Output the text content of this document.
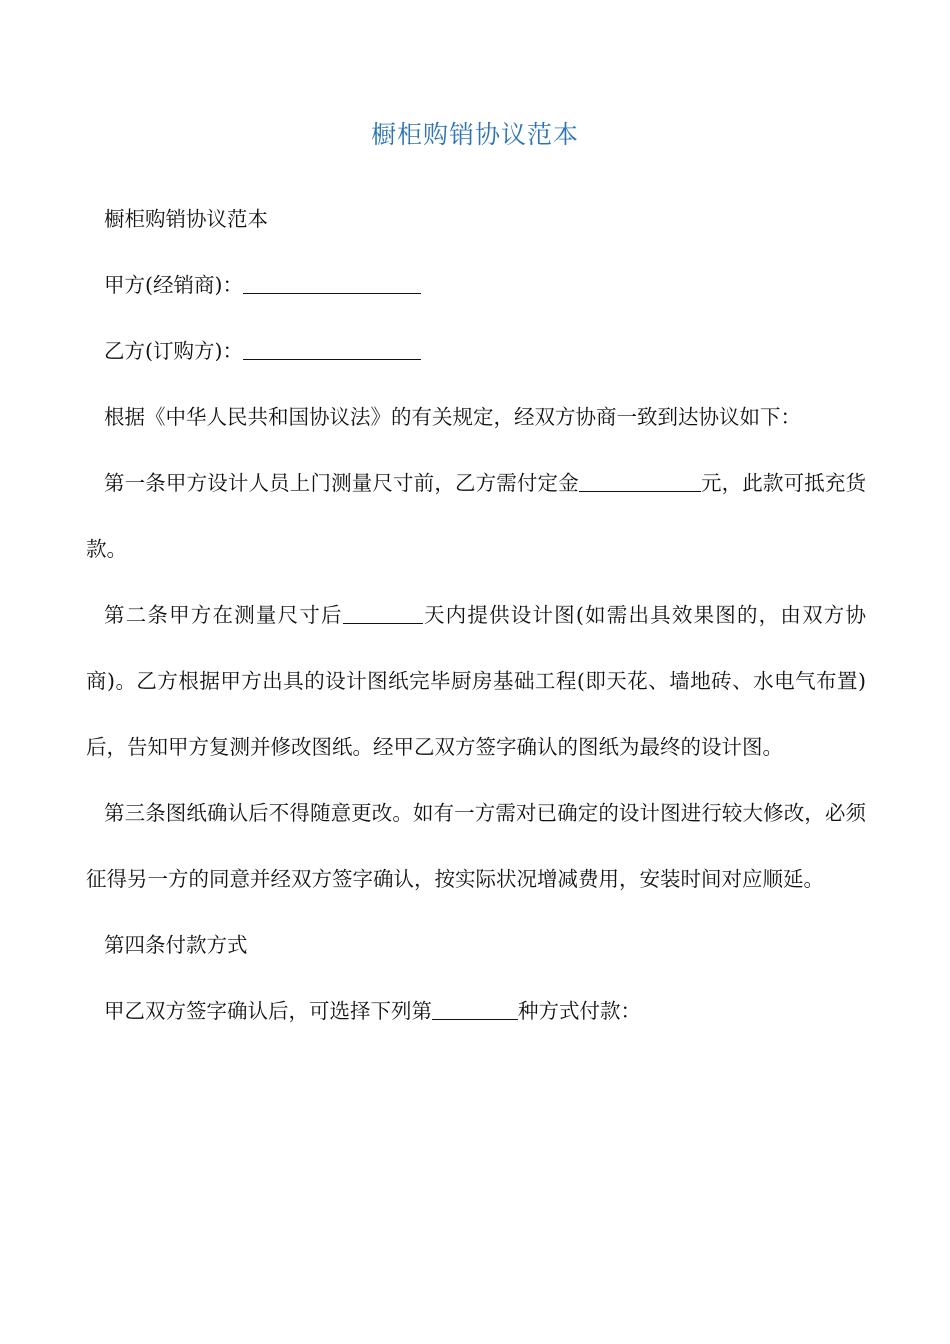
橱柜购销协议范本

橱柜购销协议范本

甲方(经销商)：

乙方(订购方)：

根据《中华人民共和国协议法》的有关规定，经双方协商一致到达协议如下：

第一条甲方设计人员上门测量尺寸前，乙方需付定金	元，此款可抵充货款。

第二条甲方在测量尺寸后	天内提供设计图(如需出具效果图的，由双方协商)。乙方根据甲方出具的设计图纸完毕厨房基础工程(即天花、墙地砖、水电气布置)后，告知甲方复测并修改图纸。经甲乙双方签字确认的图纸为最终的设计图。

第三条图纸确认后不得随意更改。如有一方需对已确定的设计图进行较大修改，必须征得另一方的同意并经双方签字确认，按实际状况增减费用，安装时间对应顺延。

第四条付款方式

甲乙双方签字确认后，可选择下列第	种方式付款：
